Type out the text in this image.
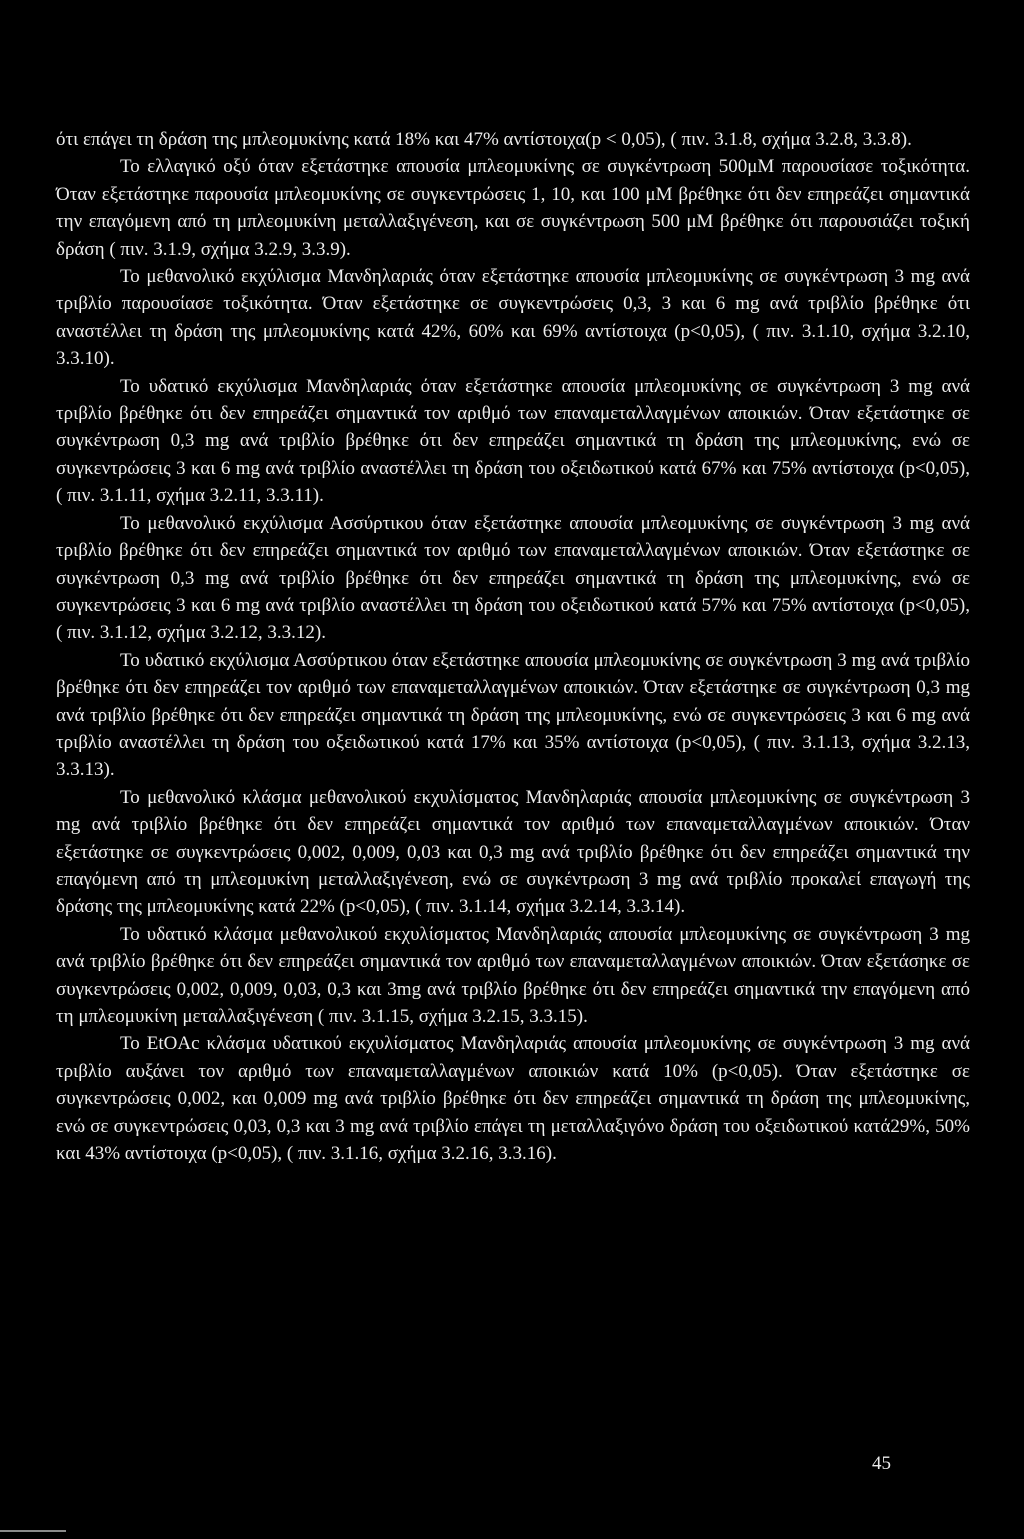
ότι επάγει τη δράση της μπλεομυκίνης κατά 18% και 47% αντίστοιχα(p < 0,05), ( πιν. 3.1.8, σχήμα 3.2.8, 3.3.8).

Το ελλαγικό οξύ όταν εξετάστηκε απουσία μπλεομυκίνης σε συγκέντρωση 500μΜ παρουσίασε τοξικότητα. Όταν εξετάστηκε παρουσία μπλεομυκίνης σε συγκεντρώσεις 1, 10, και 100 μΜ βρέθηκε ότι δεν επηρεάζει σημαντικά την επαγόμενη από τη μπλεομυκίνη μεταλλαξιγένεση, και σε συγκέντρωση 500 μΜ βρέθηκε ότι παρουσιάζει τοξική δράση ( πιν. 3.1.9, σχήμα 3.2.9, 3.3.9).

Το μεθανολικό εκχύλισμα Μανδηλαριάς όταν εξετάστηκε απουσία μπλεομυκίνης σε συγκέντρωση 3 mg ανά τριβλίο παρουσίασε τοξικότητα. Όταν εξετάστηκε σε συγκεντρώσεις 0,3, 3 και 6 mg ανά τριβλίο βρέθηκε ότι αναστέλλει τη δράση της μπλεομυκίνης κατά 42%, 60% και 69% αντίστοιχα (p<0,05), ( πιν. 3.1.10, σχήμα 3.2.10, 3.3.10).

Το υδατικό εκχύλισμα Μανδηλαριάς όταν εξετάστηκε απουσία μπλεομυκίνης σε συγκέντρωση 3 mg ανά τριβλίο βρέθηκε ότι δεν επηρεάζει σημαντικά τον αριθμό των επαναμεταλλαγμένων αποικιών. Όταν εξετάστηκε σε συγκέντρωση 0,3 mg ανά τριβλίο βρέθηκε ότι δεν επηρεάζει σημαντικά τη δράση της μπλεομυκίνης, ενώ σε συγκεντρώσεις 3 και 6 mg ανά τριβλίο αναστέλλει τη δράση του οξειδωτικού κατά 67% και 75% αντίστοιχα (p<0,05), ( πιν. 3.1.11, σχήμα 3.2.11, 3.3.11).

Το μεθανολικό εκχύλισμα Ασσύρτικου όταν εξετάστηκε απουσία μπλεομυκίνης σε συγκέντρωση 3 mg ανά τριβλίο βρέθηκε ότι δεν επηρεάζει σημαντικά τον αριθμό των επαναμεταλλαγμένων αποικιών. Όταν εξετάστηκε σε συγκέντρωση 0,3 mg ανά τριβλίο βρέθηκε ότι δεν επηρεάζει σημαντικά τη δράση της μπλεομυκίνης, ενώ σε συγκεντρώσεις 3 και 6 mg ανά τριβλίο αναστέλλει τη δράση του οξειδωτικού κατά 57% και 75% αντίστοιχα (p<0,05), ( πιν. 3.1.12, σχήμα 3.2.12, 3.3.12).

Το υδατικό εκχύλισμα Ασσύρτικου όταν εξετάστηκε απουσία μπλεομυκίνης σε συγκέντρωση 3 mg ανά τριβλίο βρέθηκε ότι δεν επηρεάζει τον αριθμό των επαναμεταλλαγμένων αποικιών. Όταν εξετάστηκε σε συγκέντρωση 0,3 mg ανά τριβλίο βρέθηκε ότι δεν επηρεάζει σημαντικά τη δράση της μπλεομυκίνης, ενώ σε συγκεντρώσεις 3 και 6 mg ανά τριβλίο αναστέλλει τη δράση του οξειδωτικού κατά 17% και 35% αντίστοιχα (p<0,05), ( πιν. 3.1.13, σχήμα 3.2.13, 3.3.13).

Το μεθανολικό κλάσμα μεθανολικού εκχυλίσματος Μανδηλαριάς απουσία μπλεομυκίνης σε συγκέντρωση 3 mg ανά τριβλίο βρέθηκε ότι δεν επηρεάζει σημαντικά τον αριθμό των επαναμεταλλαγμένων αποικιών. Όταν εξετάστηκε σε συγκεντρώσεις 0,002, 0,009, 0,03 και 0,3 mg ανά τριβλίο βρέθηκε ότι δεν επηρεάζει σημαντικά την επαγόμενη από τη μπλεομυκίνη μεταλλαξιγένεση, ενώ σε συγκέντρωση 3 mg ανά τριβλίο προκαλεί επαγωγή της δράσης της μπλεομυκίνης κατά 22% (p<0,05), ( πιν. 3.1.14, σχήμα 3.2.14, 3.3.14).

Το υδατικό κλάσμα μεθανολικού εκχυλίσματος Μανδηλαριάς απουσία μπλεομυκίνης σε συγκέντρωση 3 mg ανά τριβλίο βρέθηκε ότι δεν επηρεάζει σημαντικά τον αριθμό των επαναμεταλλαγμένων αποικιών. Όταν εξετάσηκε σε συγκεντρώσεις 0,002, 0,009, 0,03, 0,3 και 3mg ανά τριβλίο βρέθηκε ότι δεν επηρεάζει σημαντικά την επαγόμενη από τη μπλεομυκίνη μεταλλαξιγένεση ( πιν. 3.1.15, σχήμα 3.2.15, 3.3.15).

Το EtOAc κλάσμα υδατικού εκχυλίσματος Μανδηλαριάς απουσία μπλεομυκίνης σε συγκέντρωση 3 mg ανά τριβλίο αυξάνει τον αριθμό των επαναμεταλλαγμένων αποικιών κατά 10% (p<0,05). Όταν εξετάστηκε σε συγκεντρώσεις 0,002, και 0,009 mg ανά τριβλίο βρέθηκε ότι δεν επηρεάζει σημαντικά τη δράση της μπλεομυκίνης, ενώ σε συγκεντρώσεις 0,03, 0,3 και 3 mg ανά τριβλίο επάγει τη μεταλλαξιγόνο δράση του οξειδωτικού κατά29%, 50% και 43% αντίστοιχα (p<0,05), ( πιν. 3.1.16, σχήμα 3.2.16, 3.3.16).

45
